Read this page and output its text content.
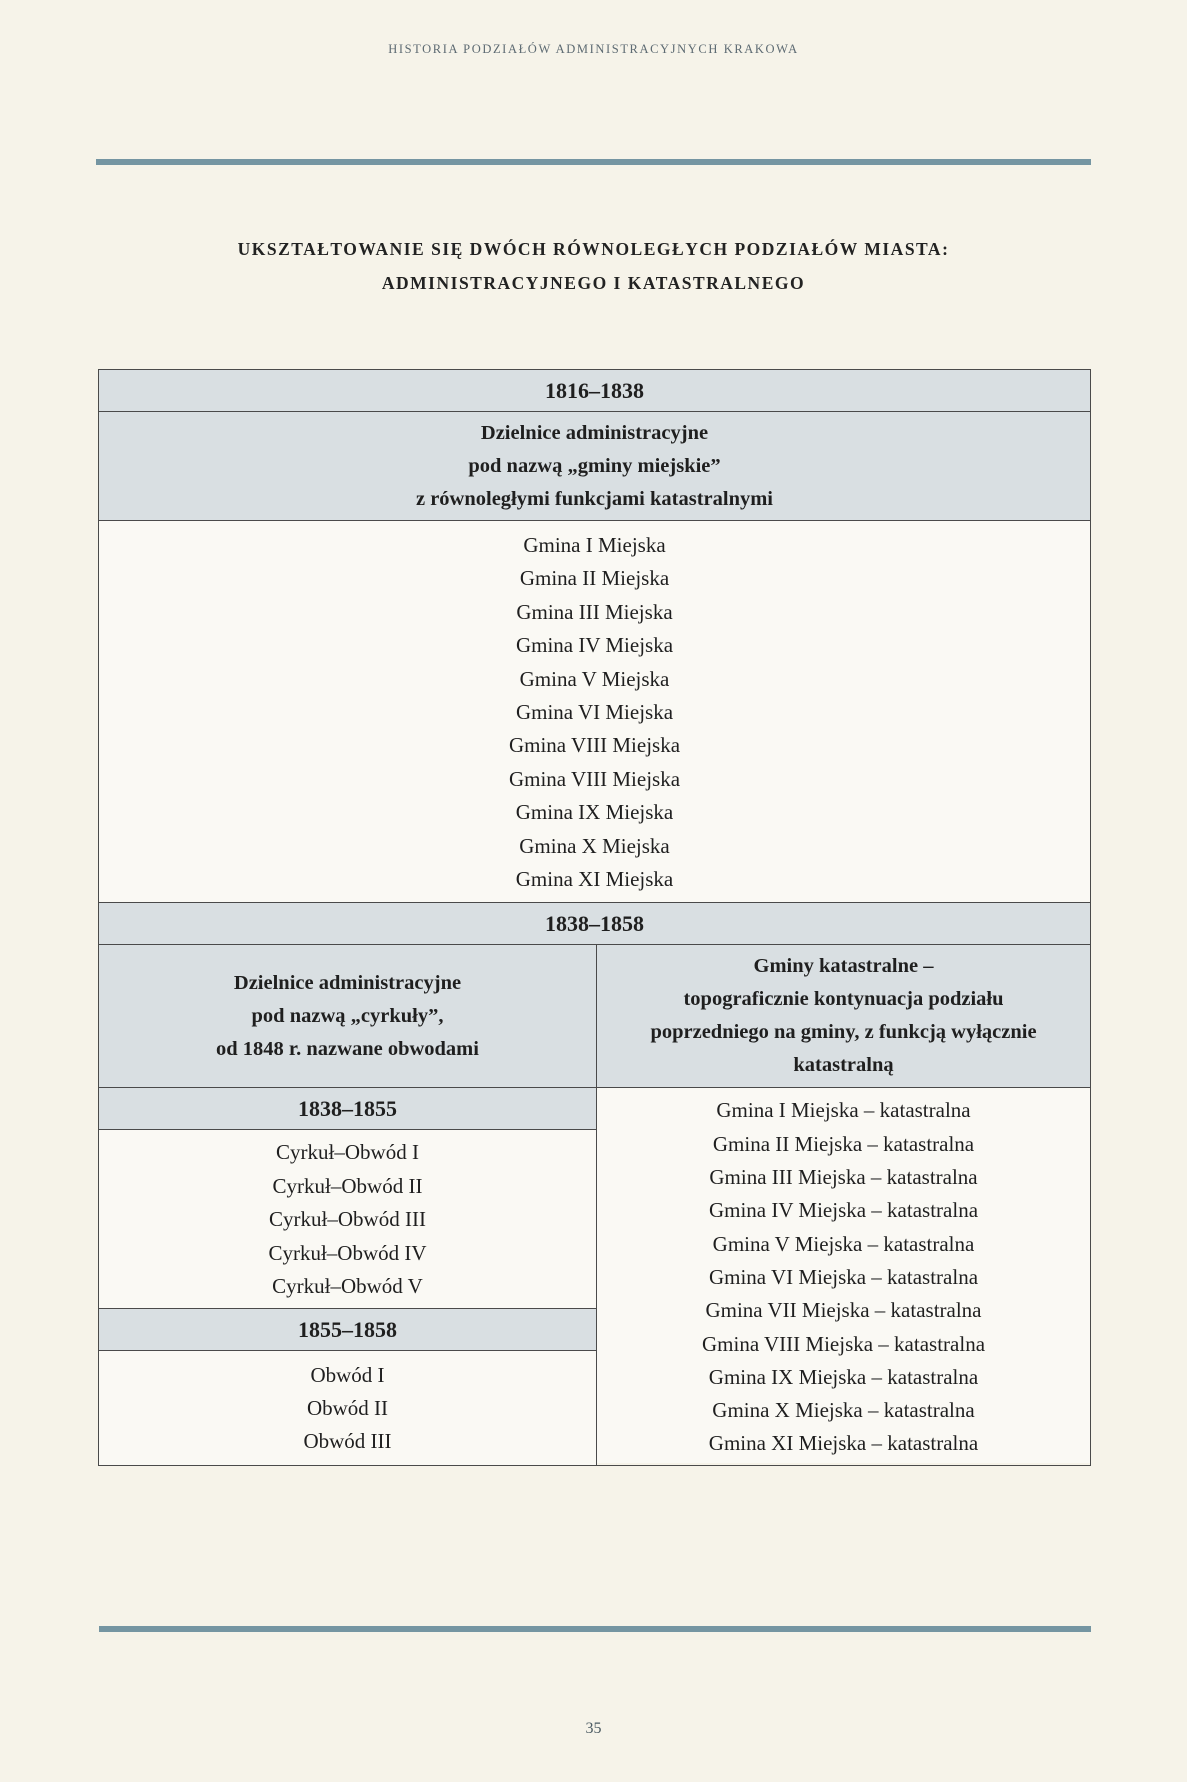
HISTORIA PODZIAŁÓW ADMINISTRACYJNYCH KRAKOWA
UKSZTAŁTOWANIE SIĘ DWÓCH RÓWNOLEGŁYCH PODZIAŁÓW MIASTA:
ADMINISTRACYJNEGO I KATASTRALNEGO
1816–1838
Dzielnice administracyjne
pod nazwą „gminy miejskie”
z równoległymi funkcjami katastralnymi
Gmina I Miejska
Gmina II Miejska
Gmina III Miejska
Gmina IV Miejska
Gmina V Miejska
Gmina VI Miejska
Gmina VIII Miejska
Gmina VIII Miejska
Gmina IX Miejska
Gmina X Miejska
Gmina XI Miejska
1838–1858
Dzielnice administracyjne
pod nazwą „cyrkuły”,
od 1848 r. nazwane obwodami
1838–1855
Cyrkuł–Obwód I
Cyrkuł–Obwód II
Cyrkuł–Obwód III
Cyrkuł–Obwód IV
Cyrkuł–Obwód V
1855–1858
Obwód I
Obwód II
Obwód III
Gminy katastralne –
topograficznie kontynuacja podziału
poprzedniego na gminy, z funkcją wyłącznie
katastralną
Gmina I Miejska – katastralna
Gmina II Miejska – katastralna
Gmina III Miejska – katastralna
Gmina IV Miejska – katastralna
Gmina V Miejska – katastralna
Gmina VI Miejska – katastralna
Gmina VII Miejska – katastralna
Gmina VIII Miejska – katastralna
Gmina IX Miejska – katastralna
Gmina X Miejska – katastralna
Gmina XI Miejska – katastralna
35
